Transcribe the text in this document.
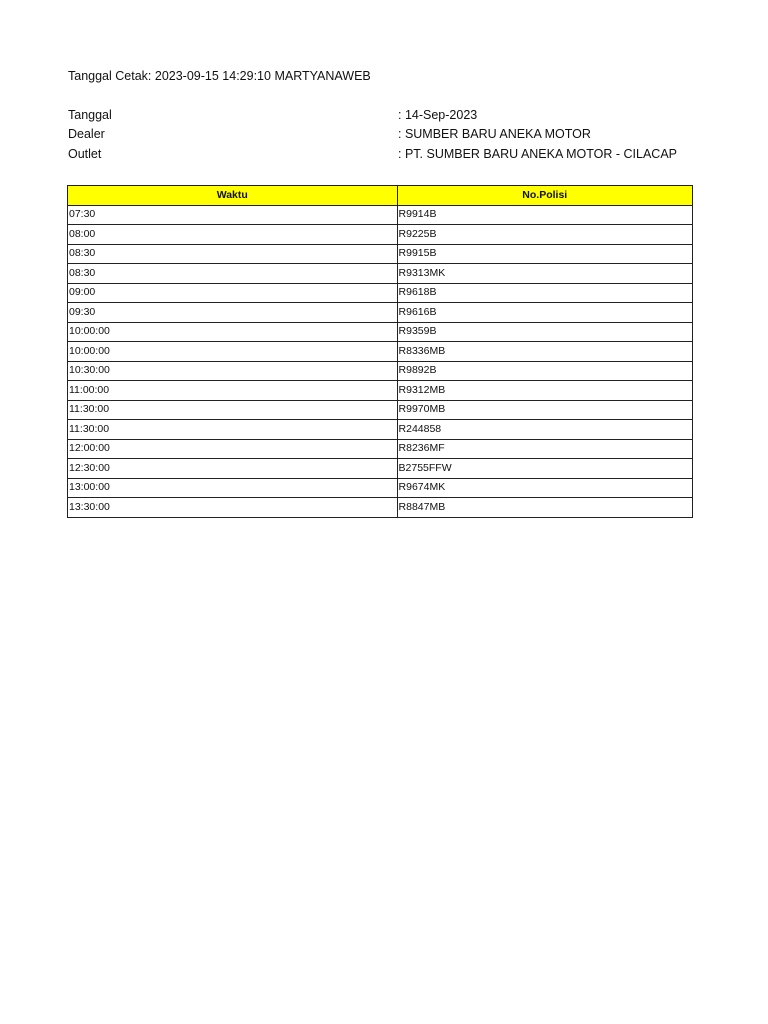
Tanggal Cetak: 2023-09-15 14:29:10 MARTYANAWEB
Tanggal	: 14-Sep-2023
Dealer	: SUMBER BARU ANEKA MOTOR
Outlet	: PT. SUMBER BARU ANEKA MOTOR - CILACAP
Waktu	No.Polisi
07:30	R9914B
08:00	R9225B
08:30	R9915B
08:30	R9313MK
09:00	R9618B
09:30	R9616B
10:00:00	R9359B
10:00:00	R8336MB
10:30:00	R9892B
11:00:00	R9312MB
11:30:00	R9970MB
11:30:00	R244858
12:00:00	R8236MF
12:30:00	B2755FFW
13:00:00	R9674MK
13:30:00	R8847MB
